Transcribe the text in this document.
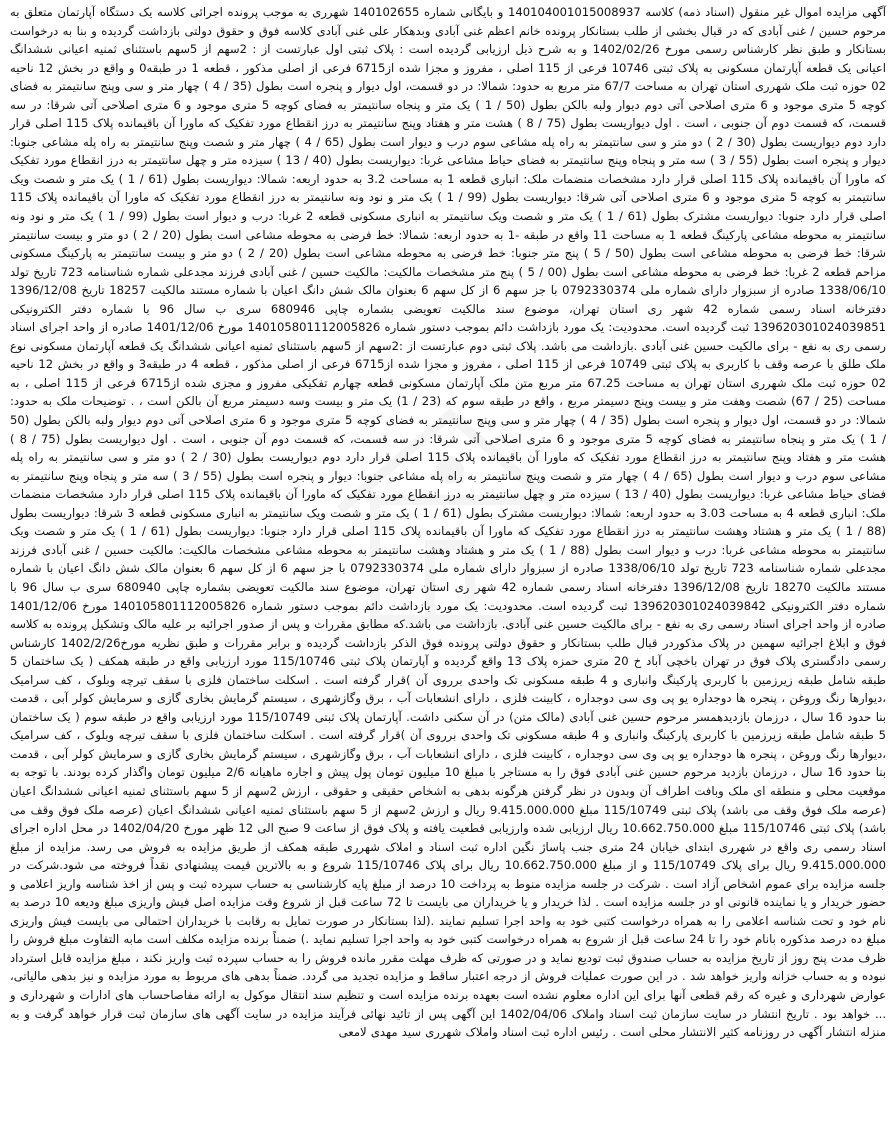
آگهی مزایده اموال غیر منقول (اسناد ذمه) کلاسه 140104001015008937 و بایگانی شماره 140102655 شهرری به موجب پرونده اجرائی کلاسه یک دستگاه آپارتمان متعلق به مرحوم حسین / غنی آبادی که در قبال بخشی از طلب بستانکار پرونده خانم اعظم غنی آبادی وبدهکار علی غنی آبادی کلاسه فوق و حقوق دولتی بازداشت گردیده و بنا به درخواست بستانکار و طبق نظر کارشناس رسمی مورخ 1402/02/26 و به شرح ذیل ارزیابی گردیده است : پلاک ثبتی اول عبارتست از : 2سهم از 5سهم باستثنای ثمنیه اعیانی ششدانگ اعیانی یک قطعه آپارتمان مسکونی به پلاک ثبتی 10746 فرعی از 115 اصلی ، مفروز و مجزا شده از6715 فرعی از اصلی مذکور ، قطعه 1 در طبقه0 و واقع در بخش 12 ناحیه 02 حوزه ثبت ملک شهرری استان تهران به مساحت 67/7 متر مربع به حدود: شمالا: در دو قسمت، اول دیوار و پنجره است بطول (35 / 4 ) چهار متر و سی وپنج سانتیمتر به فضای کوچه 5 متری موجود و 6 متری اصلاحی آتی دوم دیوار ولبه بالکن بطول (50 / 1 ) یک متر و پنجاه سانتیمتر به فضای کوچه 5 متری موجود و 6 متری اصلاحی آتی شرقا: در سه قسمت، که قسمت دوم آن جنوبی ، است . اول دیواریست بطول (75 / 8 ) هشت متر و هفتاد وپنج سانتیمتر به درز انقطاع مورد تفکیک که ماورا آن باقیمانده پلاک 115 اصلی قرار دارد دوم دیواریست بطول (30 / 2 ) دو متر و سی سانتیمتر به راه پله مشاعی سوم درب و دیوار است بطول (65 / 4 ) چهار متر و شصت وپنج سانتیمتر به راه پله مشاعی جنوبا: دیوار و پنجره است بطول (55 / 3 ) سه متر و پنجاه وپنج سانتیمتر به فضای حیاط مشاعی غربا: دیواریست بطول (40 / 13 ) سیزده متر و چهل سانتیمتر به درز انقطاع مورد تفکیک که ماورا آن باقیمانده پلاک 115 اصلی قرار دارد مشخصات منضمات ملک: انباری قطعه 1 به مساحت 3.2 به حدود اربعه: شمالا: دیواریست بطول (61 / 1 ) یک متر و شصت ویک سانتیمتر به کوچه 5 متری موجود و 6 متری اصلاحی آتی شرقا: دیواریست بطول (99 / 1 ) یک متر و نود ونه سانتیمتر به درز انقطاع مورد تفکیک که ماورا آن باقیمانده پلاک 115 اصلی قرار دارد جنوبا: دیواریست مشترک بطول (61 / 1 ) یک متر و شصت ویک سانتیمتر به انباری مسکونی قطعه 2 غربا: درب و دیوار است بطول (99 / 1 ) یک متر و نود ونه سانتیمتر به محوطه مشاعی پارکینگ قطعه 1 به مساحت 11 واقع در طبقه -1 به حدود اربعه: شمالا: خط فرضی به محوطه مشاعی است بطول (20 / 2 ) دو متر و بیست سانتیمتر شرقا: خط فرضی به محوطه مشاعی است بطول (50 / 5 ) پنج متر جنوبا: خط فرضی به محوطه مشاعی است بطول (20 / 2 ) دو متر و بیست سانتیمتر به پارکینگ مسکونی مزاحم قطعه 2 غربا: خط فرضی به محوطه مشاعی است بطول (00 / 5 ) پنج متر مشخصات مالکیت: مالکیت حسین / غنی آبادی فرزند مجدعلی شماره شناسنامه 723 تاریخ تولد 1338/06/10 صادره از سبزوار دارای شماره ملی 0792330374 با جز سهم 6 از کل سهم 6 بعنوان مالک شش دانگ اعیان با شماره مستند مالکیت 18257 تاریخ 1396/12/08 دفترخانه اسناد رسمی شماره 42 شهر ری استان تهران، موضوع سند مالکیت تعویضی بشماره چاپی 680946 سری ب سال 96 با شماره دفتر الکترونیکی 139620301024039851 ثبت گردیده است. محدودیت: یک مورد بازداشت دائم بموجب دستور شماره 140105801112005826 مورخ 1401/12/06 صادره از واحد اجرای اسناد رسمی ری به نفع - برای مالکیت حسین غنی آبادی .بازداشت می باشد. پلاک ثبتی دوم عبارتست از :2سهم از 5سهم باستثنای ثمنیه اعیانی ششدانگ یک قطعه آپارتمان مسکونی نوع ملک طلق با عرصه وقف با کاربری به پلاک ثبتی 10749 فرعی از 115 اصلی ، مفروز و مجزا شده از6715 فرعی از اصلی مذکور ، قطعه 4 در طبقه3 و واقع در بخش 12 ناحیه 02 حوزه ثبت ملک شهرری استان تهران به مساحت 67.25 متر مربع متن ملک آپارتمان مسکونی قطعه چهارم تفکیکی مفروز و مجزی شده از6715 فرعی از 115 اصلی ، به مساحت (25 / 67) شصت وهفت متر و بیست وپنج دسیمتر مربع ، واقع در طبقه سوم که (23 / 1) یک متر و بیست وسه دسیمتر مربع آن بالکن است ، . توضیحات ملک به حدود: شمالا: در دو قسمت، اول دیوار و پنجره است بطول (35 / 4 ) چهار متر و سی وپنج سانتیمتر به فضای کوچه 5 متری موجود و 6 متری اصلاحی آتی دوم دیوار ولبه بالکن بطول (50 / 1 ) یک متر و پنجاه سانتیمتر به فضای کوچه 5 متری موجود و 6 متری اصلاحی آتی شرقا: در سه قسمت، که قسمت دوم آن جنوبی ، است . اول دیواریست بطول (75 / 8 ) هشت متر و هفتاد وپنج سانتیمتر به درز انقطاع مورد تفکیک که ماورا آن باقیمانده پلاک 115 اصلی قرار دارد دوم دیواریست بطول (30 / 2 ) دو متر و سی سانتیمتر به راه پله مشاعی سوم درب و دیوار است بطول (65 / 4 ) چهار متر و شصت وپنج سانتیمتر به راه پله مشاعی جنوبا: دیوار و پنجره است بطول (55 / 3 ) سه متر و پنجاه وپنج سانتیمتر به فضای حیاط مشاعی غربا: دیواریست بطول (40 / 13 ) سیزده متر و چهل سانتیمتر به درز انقطاع مورد تفکیک که ماورا آن باقیمانده پلاک 115 اصلی قرار دارد مشخصات منضمات ملک: انباری قطعه 4 به مساحت 3.03 به حدود اربعه: شمالا: دیواریست مشترک بطول (61 / 1 ) یک متر و شصت ویک سانتیمتر به انباری مسکونی قطعه 3 شرقا: دیواریست بطول (88 / 1 ) یک متر و هشتاد وهشت سانتیمتر به درز انقطاع مورد تفکیک که ماورا آن باقیمانده پلاک 115 اصلی قرار دارد جنوبا: دیواریست بطول (61 / 1 ) یک متر و شصت ویک سانتیمتر به محوطه مشاعی غربا: درب و دیوار است بطول (88 / 1 ) یک متر و هشتاد وهشت سانتیمتر به محوطه مشاعی مشخصات مالکیت: مالکیت حسین / غنی آبادی فرزند مجدعلی شماره شناسنامه 723 تاریخ تولد 1338/06/10 صادره از سبزوار دارای شماره ملی 0792330374 با جز سهم 6 از کل سهم 6 بعنوان مالک شش دانگ اعیان با شماره مستند مالکیت 18270 تاریخ 1396/12/08 دفترخانه اسناد رسمی شماره 42 شهر ری استان تهران، موضوع سند مالکیت تعویضی بشماره چاپی 680940 سری ب سال 96 با شماره دفتر الکترونیکی 139620301024039842 ثبت گردیده است. محدودیت: یک مورد بازداشت دائم بموجب دستور شماره 140105801112005826 مورخ 1401/12/06 صادره از واحد اجرای اسناد رسمی ری به نفع - برای مالکیت حسین غنی آبادی. بازداشت می باشد.که مطابق مقررات و پس از صدور اجرائیه بر علیه مالک وتشکیل پرونده به کلاسه فوق و ابلاغ اجرائیه سهمین در پلاک مذکوردر قبال طلب بستانکار و حقوق دولتی پرونده فوق الذکر بازداشت گردیده و برابر مقررات و طبق نظریه مورخ1402/2/26 کارشناس رسمی دادگستری پلاک فوق در تهران باخچی آباد خ 20 متری حمزه پلاک 13 واقع گردیده و آپارتمان پلاک ثبتی 115/10746 مورد ارزیابی واقع در طبقه همکف ( یک ساختمان 5 طبقه شامل طبقه زیرزمین با کاربری پارکینگ وانباری و 4 طبقه مسکونی تک واحدی برروی آن )قرار گرفته است . اسکلت ساختمان فلزی با سقف تیرچه وبلوک ، کف سرامیک ،دیوارها رنگ وروغن ، پنجره ها دوجداره یو پی وی سی دوجداره ، کابینت فلزی ، دارای انشعابات آب ، برق وگازشهری ، سیستم گرمایش بخاری گازی و سرمایش کولر آبی ، قدمت بنا حدود 16 سال ، درزمان بازدیدهمسر مرحوم حسین غنی آبادی (مالک متن) در آن سکنی داشت. آپارتمان پلاک ثبتی 115/10749 مورد ارزیابی واقع در طبقه سوم ( یک ساختمان 5 طبقه شامل طبقه زیرزمین با کاربری پارکینگ وانباری و 4 طبقه مسکونی تک واحدی برروی آن )قرار گرفته است . اسکلت ساختمان فلزی با سقف تیرچه وبلوک ، کف سرامیک ،دیوارها رنگ وروغن ، پنجره ها دوجداره یو پی وی سی دوجداره ، کابینت فلزی ، دارای انشعابات آب ، برق وگازشهری ، سیستم گرمایش بخاری گازی و سرمایش کولر آبی ، قدمت بنا حدود 16 سال ، درزمان بازدید مرحوم حسین غنی آبادی فوق را به مستاجر با مبلغ 10 میلیون تومان پول پیش و اجاره ماهیانه 2/6 میلیون تومان واگذار کرده بودند. با توجه به موقعیت محلی و منطقه ای ملک وبافت اطراف آن وبدون در نظر گرفتن هرگونه بدهی به اشخاص حقیقی و حقوقی ، ارزش 2سهم از 5 سهم باستثنای ثمنیه اعیانی ششدانگ اعیان (عرصه ملک فوق وقف می باشد) پلاک ثبتی 115/10749 مبلغ 9.415.000.000 ریال و ارزش 2سهم از 5 سهم باستثنای ثمنیه اعیانی ششدانگ اعیان (عرصه ملک فوق وقف می باشد) پلاک ثبتی 115/10746 مبلغ 10.662.750.000 ریال ارزیابی شده وارزیابی قطعیت یافته و پلاک فوق از ساعت 9 صبح الی 12 ظهر مورخ 1402/04/20 در محل اداره اجرای اسناد رسمی ری واقع در شهرری ابتدای خیابان 24 متری جنب پاساژ نگین اداره ثبت اسناد و املاک شهرری طبقه همکف از طریق مزایده به فروش می رسد. مزایده از مبلغ 9.415.000.000 ریال برای پلاک 115/10749 و از مبلغ 10.662.750.000 ریال برای پلاک 115/10746 شروع و به بالاترین قیمت پیشنهادی نقداً فروخته می شود.شرکت در جلسه مزایده برای عموم اشخاص آزاد است . شرکت در جلسه مزایده منوط به پرداخت 10 درصد از مبلغ پایه کارشناسی به حساب سپرده ثبت و پس از اخذ شناسه واریز اعلامی و حضور خریدار و یا نماینده قانونی او در جلسه مزایده است . لذا خریدار و یا خریداران می بایست تا 72 ساعت قبل از شروع وقت مزایده اصل فیش واریزی مبلغ ودیعه 10 درصد به نام خود و تحت شناسه اعلامی را به همراه درخواست کتبی خود به واحد اجرا تسلیم نمایند .(لذا بستانکار در صورت تمایل به رقابت با خریداران احتمالی می بایست فیش واریزی مبلغ ده درصد مذکوره بانام خود را تا 24 ساعت قبل از شروع به همراه درخواست کتبی خود به واحد اجرا تسلیم نماید .) ضمناً برنده مزایده مکلف است مابه التفاوت مبلغ فروش را ظرف مدت پنج روز از تاریخ مزایده به حساب صندوق ثبت تودیع نماید و در صورتی که ظرف مهلت مقرر مانده فروش را به حساب سپرده ثبت واریز نکند ، مبلغ مزایده قابل استرداد نبوده و به حساب خزانه واریز خواهد شد . در این صورت عملیات فروش از درجه اعتبار ساقط و مزایده تجدید می گردد. ضمناً بدهی های مربوط به مورد مزایده و نیز بدهی مالیاتی، عوارض شهرداری و غیره که رقم قطعی آنها برای این اداره معلوم نشده است بعهده برنده مزایده است و تنظیم سند انتقال موکول به ارائه مفاصاحساب های ادارات و شهرداری و ... خواهد بود . تاریخ انتشار در سایت سازمان ثبت اسناد واملاک 1402/04/06 این آگهی پس از تائید نهائی فرآیند مزایده در سایت آگهی های سازمان ثبت قرار خواهد گرفت و به منزله انتشار آگهی در روزنامه کثیر الانتشار محلی است . رئیس اداره ثبت اسناد واملاک شهرری سید مهدی لامعی
